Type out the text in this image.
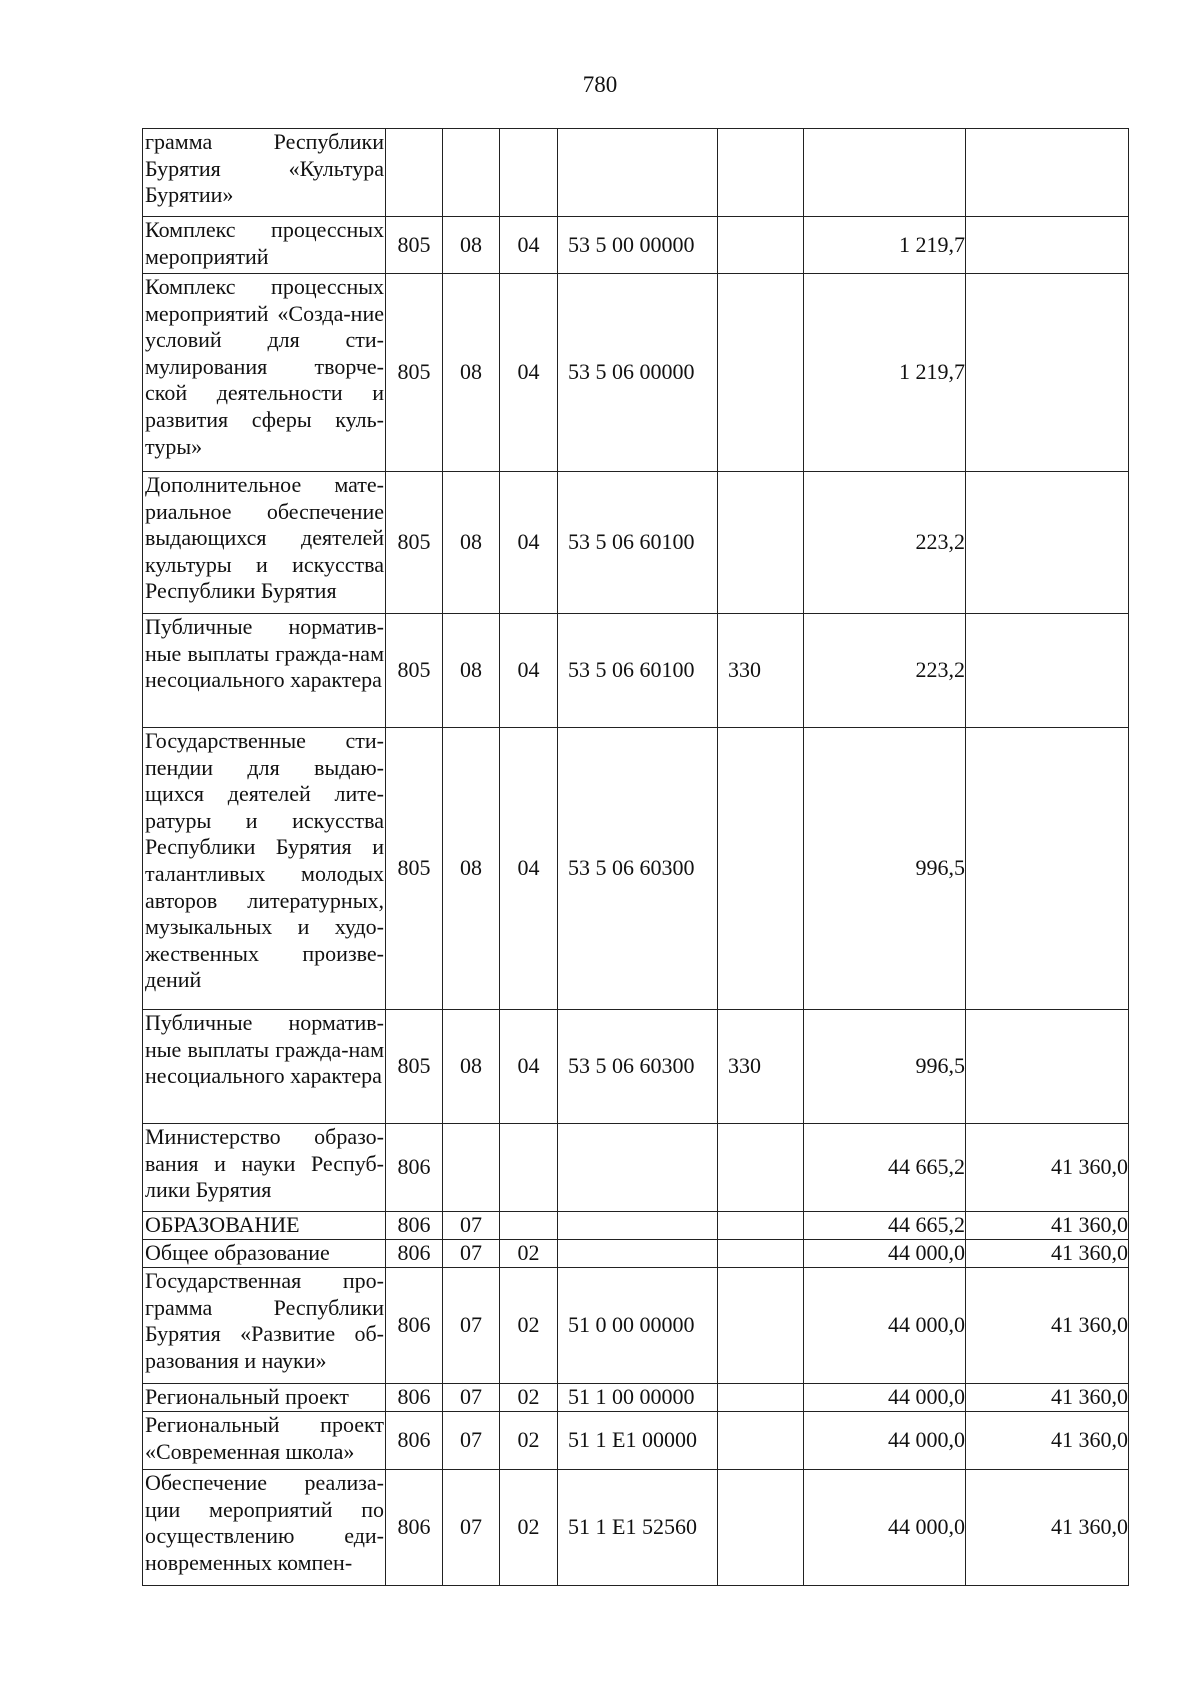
780
грамма Республики Бурятия «Культура Бурятии»							
Комплекс процессных мероприятий	805	08	04	53 5 00 00000		1 219,7	
Комплекс процессных мероприятий «Созда-ние условий для сти-мулирования творче-ской деятельности и развития сферы куль-туры»	805	08	04	53 5 06 00000		1 219,7	
Дополнительное мате-риальное обеспечение выдающихся деятелей культуры и искусства Республики Бурятия	805	08	04	53 5 06 60100		223,2	
Публичные норматив-ные выплаты гражда-нам несоциального характера	805	08	04	53 5 06 60100	330	223,2	
Государственные сти-пендии для выдаю-щихся деятелей лите-ратуры и искусства Республики Бурятия и талантливых молодых авторов литературных, музыкальных и худо-жественных произве-дений	805	08	04	53 5 06 60300		996,5	
Публичные норматив-ные выплаты гражда-нам несоциального характера	805	08	04	53 5 06 60300	330	996,5	
Министерство образо-вания и науки Респуб-лики Бурятия	806					44 665,2	41 360,0
ОБРАЗОВАНИЕ	806	07				44 665,2	41 360,0
Общее образование	806	07	02			44 000,0	41 360,0
Государственная про-грамма Республики Бурятия «Развитие об-разования и науки»	806	07	02	51 0 00 00000		44 000,0	41 360,0
Региональный проект	806	07	02	51 1 00 00000		44 000,0	41 360,0
Региональный проект «Современная школа»	806	07	02	51 1 Е1 00000		44 000,0	41 360,0
Обеспечение реализа-ции мероприятий по осуществлению еди-новременных компен-	806	07	02	51 1 Е1 52560		44 000,0	41 360,0
